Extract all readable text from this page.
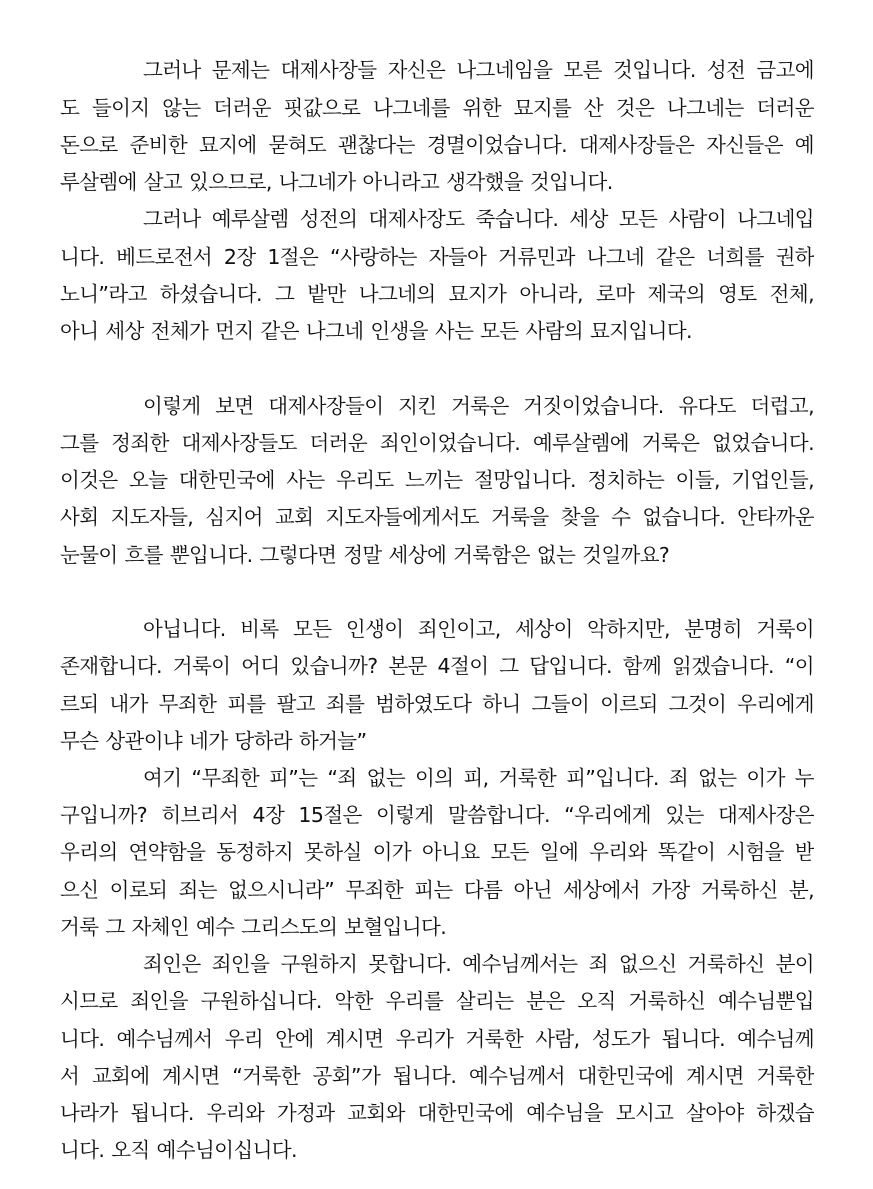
그러나 문제는 대제사장들 자신은 나그네임을 모른 것입니다. 성전 금고에
도 들이지 않는 더러운 핏값으로 나그네를 위한 묘지를 산 것은 나그네는 더러운
돈으로 준비한 묘지에 묻혀도 괜찮다는 경멸이었습니다. 대제사장들은 자신들은 예
루살렘에 살고 있으므로, 나그네가 아니라고 생각했을 것입니다.
그러나 예루살렘 성전의 대제사장도 죽습니다. 세상 모든 사람이 나그네입
니다. 베드로전서 2장 1절은 “사랑하는 자들아 거류민과 나그네 같은 너희를 권하
노니”라고 하셨습니다. 그 밭만 나그네의 묘지가 아니라, 로마 제국의 영토 전체,
아니 세상 전체가 먼지 같은 나그네 인생을 사는 모든 사람의 묘지입니다.
이렇게 보면 대제사장들이 지킨 거룩은 거짓이었습니다. 유다도 더럽고,
그를 정죄한 대제사장들도 더러운 죄인이었습니다. 예루살렘에 거룩은 없었습니다.
이것은 오늘 대한민국에 사는 우리도 느끼는 절망입니다. 정치하는 이들, 기업인들,
사회 지도자들, 심지어 교회 지도자들에게서도 거룩을 찾을 수 없습니다. 안타까운
눈물이 흐를 뿐입니다. 그렇다면 정말 세상에 거룩함은 없는 것일까요?
아닙니다. 비록 모든 인생이 죄인이고, 세상이 악하지만, 분명히 거룩이
존재합니다. 거룩이 어디 있습니까? 본문 4절이 그 답입니다. 함께 읽겠습니다. “이
르되 내가 무죄한 피를 팔고 죄를 범하였도다 하니 그들이 이르되 그것이 우리에게
무슨 상관이냐 네가 당하라 하거늘”
여기 “무죄한 피”는 “죄 없는 이의 피, 거룩한 피”입니다. 죄 없는 이가 누
구입니까? 히브리서 4장 15절은 이렇게 말씀합니다. “우리에게 있는 대제사장은
우리의 연약함을 동정하지 못하실 이가 아니요 모든 일에 우리와 똑같이 시험을 받
으신 이로되 죄는 없으시니라” 무죄한 피는 다름 아닌 세상에서 가장 거룩하신 분,
거룩 그 자체인 예수 그리스도의 보혈입니다.
죄인은 죄인을 구원하지 못합니다. 예수님께서는 죄 없으신 거룩하신 분이
시므로 죄인을 구원하십니다. 악한 우리를 살리는 분은 오직 거룩하신 예수님뿐입
니다. 예수님께서 우리 안에 계시면 우리가 거룩한 사람, 성도가 됩니다. 예수님께
서 교회에 계시면 “거룩한 공회”가 됩니다. 예수님께서 대한민국에 계시면 거룩한
나라가 됩니다. 우리와 가정과 교회와 대한민국에 예수님을 모시고 살아야 하겠습
니다. 오직 예수님이십니다.
